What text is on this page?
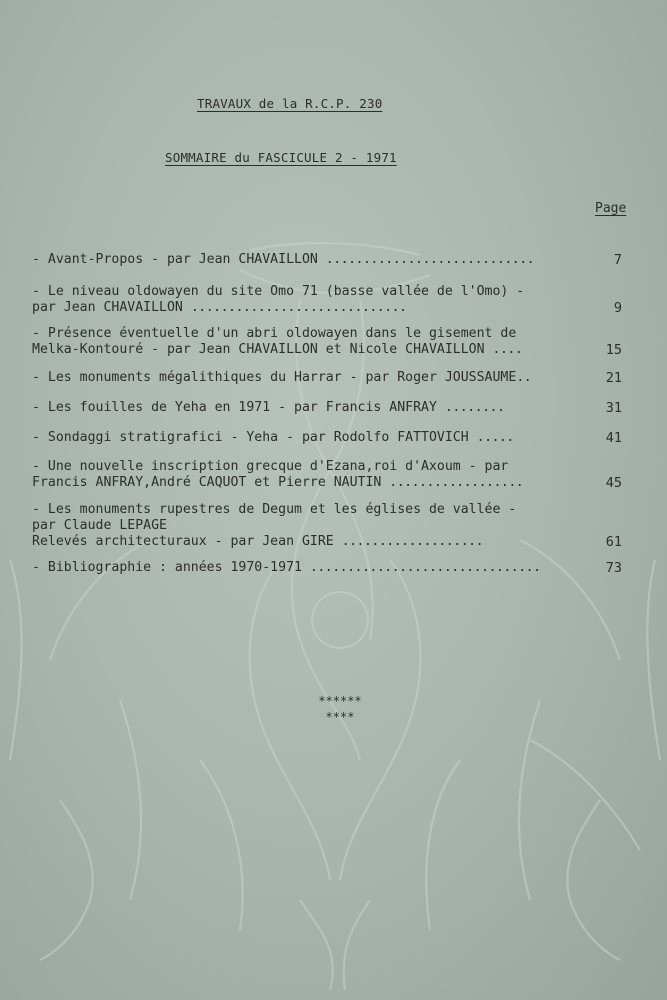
TRAVAUX de la R.C.P. 230
SOMMAIRE du FASCICULE 2 - 1971
Page
- Avant-Propos - par Jean CHAVAILLON ............................	7
- Le niveau oldowayen du site Omo 71 (basse vallée de l'Omo) -
par Jean CHAVAILLON .............................	9
- Présence éventuelle d'un abri oldowayen dans le gisement de
Melka-Kontouré - par Jean CHAVAILLON et Nicole CHAVAILLON ....	15
- Les monuments mégalithiques du Harrar - par Roger JOUSSAUME..	21
- Les fouilles de Yeha en 1971 - par Francis ANFRAY ........	31
- Sondaggi stratigrafici - Yeha - par Rodolfo FATTOVICH .....	41
- Une nouvelle inscription grecque d'Ezana,roi d'Axoum - par
Francis ANFRAY,André CAQUOT et Pierre NAUTIN ..................	45
- Les monuments rupestres de Degum et les églises de vallée -
par Claude LEPAGE
Relevés architecturaux - par Jean GIRE ...................	61
- Bibliographie : années 1970-1971 ...............................	73
******
****
